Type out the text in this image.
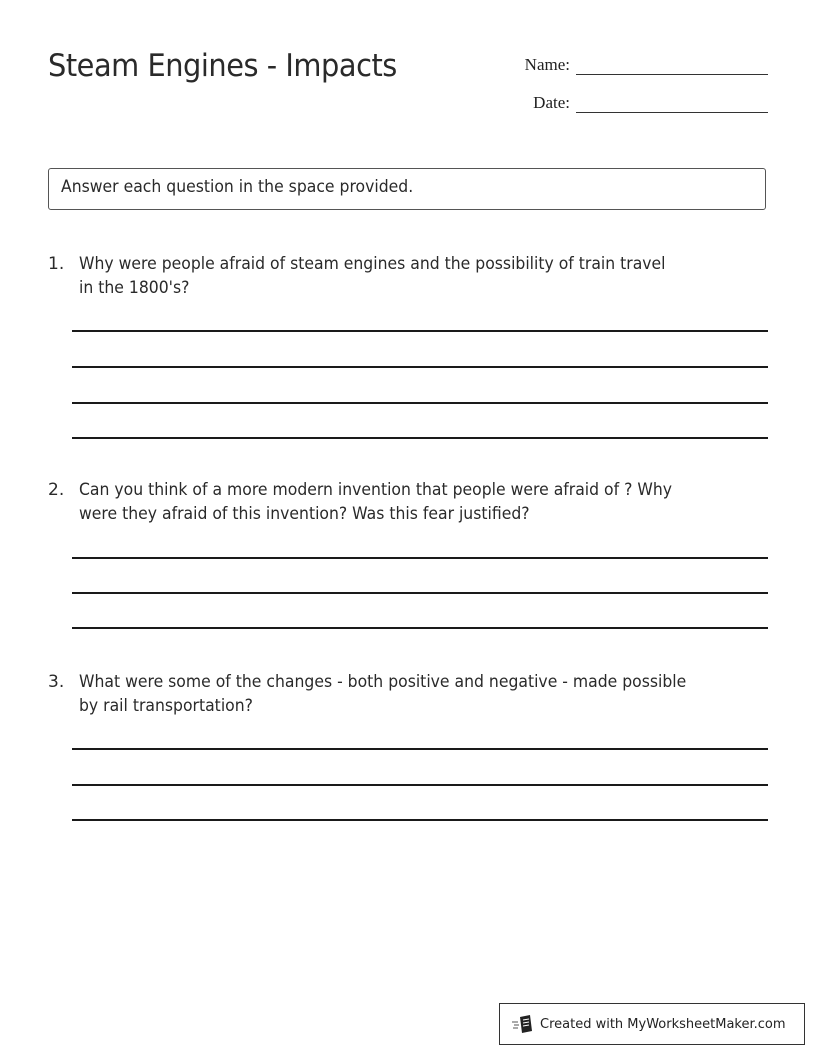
Steam Engines - Impacts	Name:
Date:
Answer each question in the space provided.
1. Why were people afraid of steam engines and the possibility of train travel
in the 1800's?
2. Can you think of a more modern invention that people were afraid of ? Why
were they afraid of this invention? Was this fear justified?
3. What were some of the changes - both positive and negative - made possible
by rail transportation?
Created with MyWorksheetMaker.com
